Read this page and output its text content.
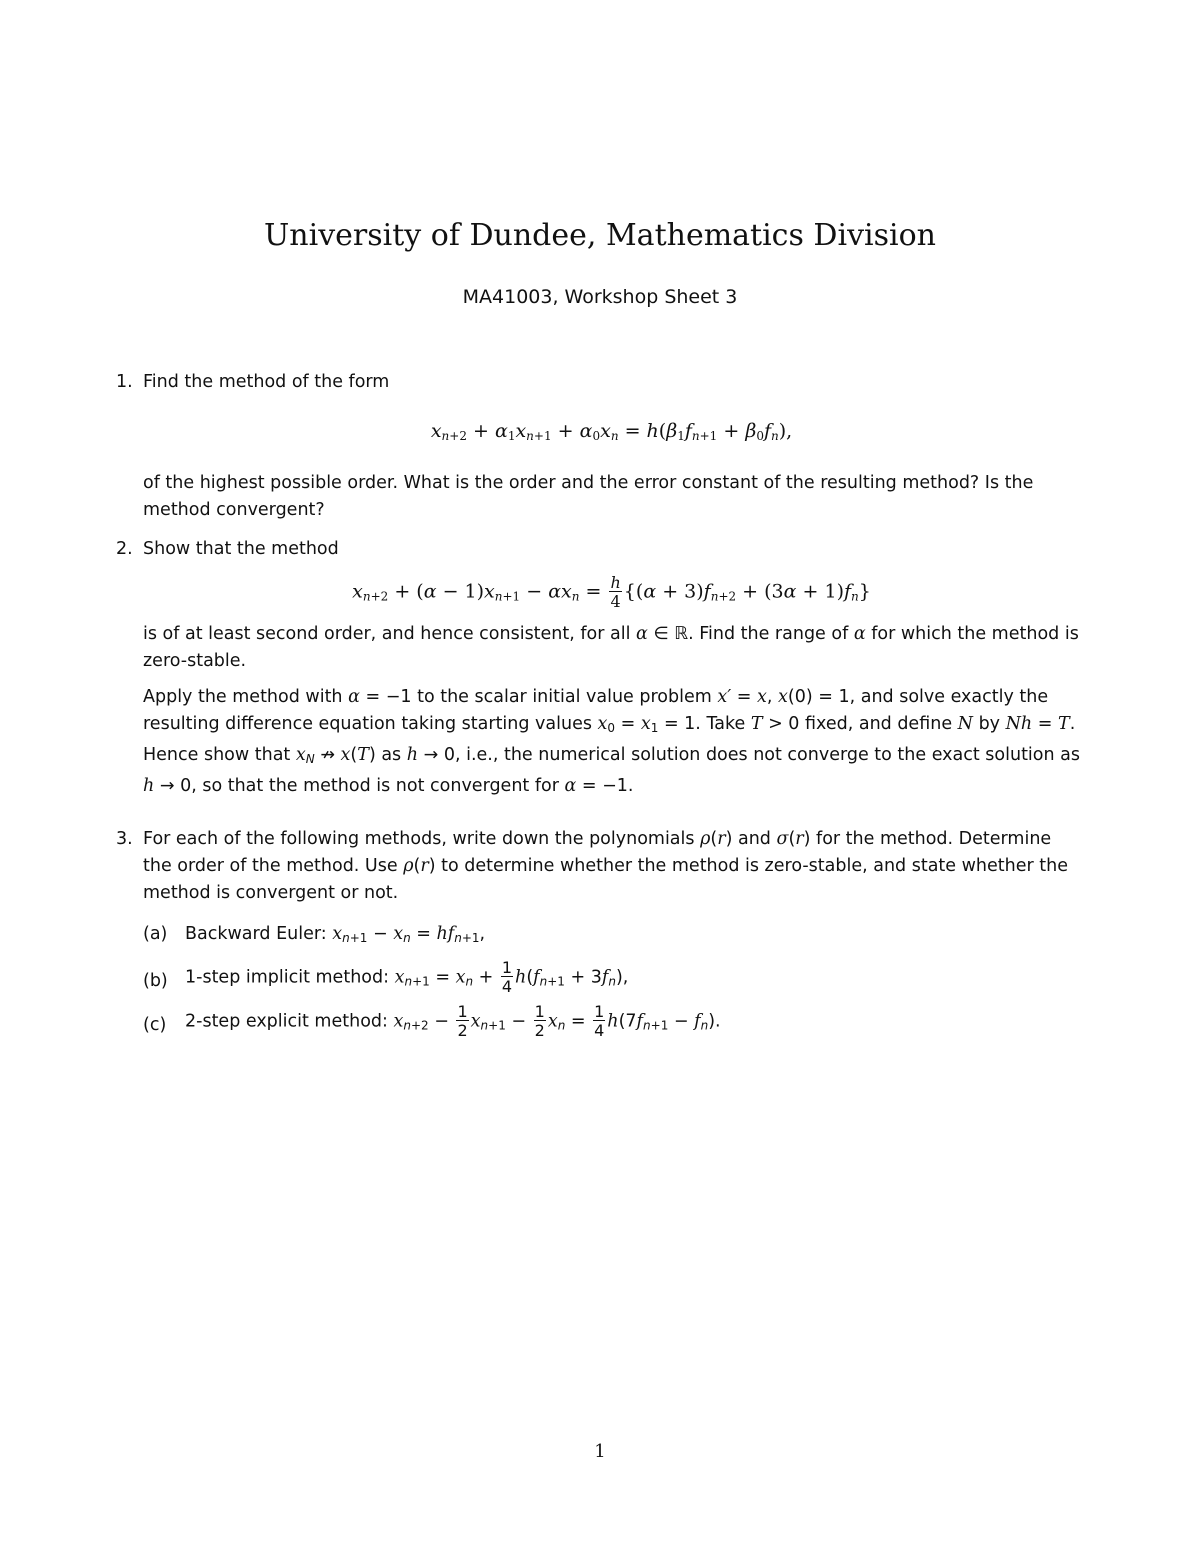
University of Dundee, Mathematics Division
MA41003, Workshop Sheet 3
1. Find the method of the form

$x_n+2 + \alpha 1x_n+1 + \alpha 0x_n = h(\beta 1f_n+1 + \beta 0f_n)$,

of the highest possible order. What is the order and the error constant of the resulting method? Is the method convergent?

2. Show that the method

$x_n+2 + (\alpha - 1)x_n+1 - \alpha x_n = \frac{h}{4} \{(\alpha + 3)f_n+2 + (3\alpha + 1)f_n\}$

is of at least second order, and hence consistent, for all α ∈ ℝ. Find the range of α for which the method is zero-stable.

Apply the method with α = −1 to the scalar initial value problem x′ = x, x(0) = 1, and solve exactly the resulting difference equation taking starting values x0 = x1 = 1. Take T > 0 fixed, and define N by Nh = T. Hence show that $x_N$ ↛ x(T) as h → 0, i.e., the numerical solution does not converge to the exact solution as h → 0, so that the method is not convergent for α = −1.

3. For each of the following methods, write down the polynomials ρ(r) and σ(r) for the method. Determine the order of the method. Use ρ(r) to determine whether the method is zero-stable, and state whether the method is convergent or not.

(a) Backward Euler: $x_n+1 - x_n = hf_n+1$,
(b) 1-step implicit method: $x_n+1 = x_n + \frac{1}{4} h(f_n+1 + 3f_n)$,
(c) 2-step explicit method: $x_n+2 - \frac{1}{2} x_n+1 - \frac{1}{2} x_n = \frac{1}{4} h(7f_n+1 - f_n)$.
1
